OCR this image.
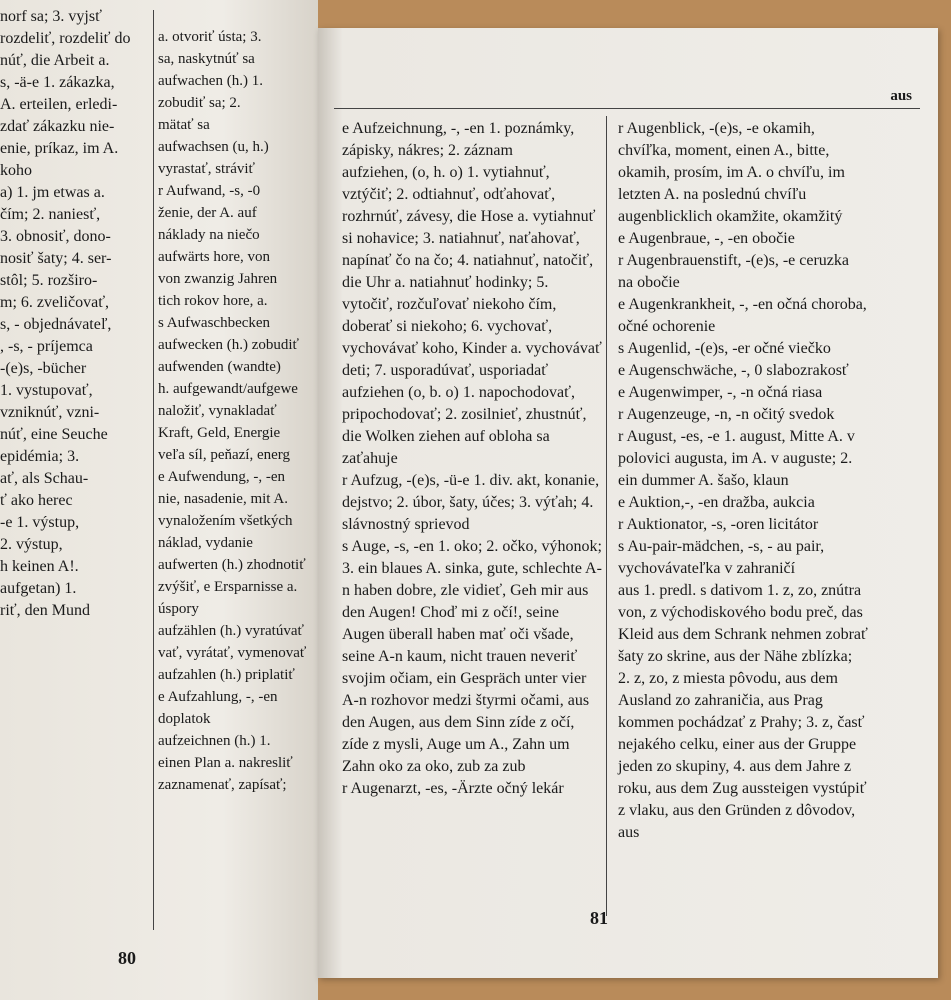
norf sa; 3. vyjsť
rozdeliť, rozdeliť do
núť, die Arbeit a.
s, -ä-e 1. zákazka,
A. erteilen, erledi-
zdať zákazku nie-
enie, príkaz, im A.
koho
a) 1. jm etwas a.
čím; 2. naniesť,
3. obnosiť, dono-
nosiť šaty; 4. ser-
stôl; 5. rozširo-
m; 6. zveličovať,
s, - objednávateľ,
, -s, - príjemca
-(e)s, -bücher
1. vystupovať,
vzniknúť, vzni-
núť, eine Seuche
epidémia; 3.
ať, als Schau-
ť ako herec
-e 1. výstup,
2. výstup,
h keinen A!.
aufgetan) 1.
riť, den Mund
a. otvoriť ústa; 3.
sa, naskytnúť sa
aufwachen (h.) 1.
zobudiť sa; 2.
mätať sa
aufwachsen (u, h.)
vyrastať, stráviť
r Aufwand, -s, -0
ženie, der A. auf
náklady na niečo
aufwärts hore, von
von zwanzig Jahren
tich rokov hore, a.
s Aufwaschbecken
aufwecken (h.) zobudiť
aufwenden (wandte)
h. aufgewandt/aufgewe
naložiť, vynakladať
Kraft, Geld, Energie
veľa síl, peňazí, energ
e Aufwendung, -, -en
nie, nasadenie, mit A.
vynaložením všetkých
náklad, vydanie
aufwerten (h.) zhodnotiť
zvýšiť, e Ersparnisse a.
úspory
aufzählen (h.) vyratúvať
vať, vyrátať, vymenovať
aufzahlen (h.) priplatiť
e Aufzahlung, -, -en
doplatok
aufzeichnen (h.) 1.
einen Plan a. nakresliť
zaznamenať, zapísať;
80
aus
e Aufzeichnung, -, -en 1. poznámky, zápisky, nákres; 2. záznam
aufziehen, (o, h. o) 1. vytiahnuť, vztýčiť; 2. odtiahnuť, odťahovať, rozhrnúť, závesy, die Hose a. vytiahnuť si nohavice; 3. natiahnuť, naťahovať, napínať čo na čo; 4. natiahnuť, natočiť, die Uhr a. natiahnuť hodinky; 5. vytočiť, rozčuľovať niekoho čím, doberať si niekoho; 6. vychovať, vychovávať koho, Kinder a. vychovávať deti; 7. usporadúvať, usporiadať
aufziehen (o, b. o) 1. napochodovať, pripochodovať; 2. zosilnieť, zhustnúť, die Wolken ziehen auf obloha sa zaťahuje
r Aufzug, -(e)s, -ü-e 1. div. akt, konanie, dejstvo; 2. úbor, šaty, účes; 3. výťah; 4. slávnostný sprievod
s Auge, -s, -en 1. oko; 2. očko, výhonok; 3. ein blaues A. sinka, gute, schlechte A-n haben dobre, zle vidieť, Geh mir aus den Augen! Choď mi z očí!, seine Augen überall haben mať oči všade, seine A-n kaum, nicht trauen neveriť svojim očiam, ein Gespräch unter vier A-n rozhovor medzi štyrmi očami, aus den Augen, aus dem Sinn zíde z očí, zíde z mysli, Auge um A., Zahn um Zahn oko za oko, zub za zub
r Augenarzt, -es, -Ärzte očný lekár
r Augenblick, -(e)s, -e okamih, chvíľka, moment, einen A., bitte, okamih, prosím, im A. o chvíľu, im letzten A. na poslednú chvíľu
augenblicklich okamžite, okamžitý
e Augenbraue, -, -en obočie
r Augenbrauenstift, -(e)s, -e ceruzka na obočie
e Augenkrankheit, -, -en očná choroba, očné ochorenie
s Augenlid, -(e)s, -er očné viečko
e Augenschwäche, -, 0 slabozrakosť
e Augenwimper, -, -n očná riasa
r Augenzeuge, -n, -n očitý svedok
r August, -es, -e 1. august, Mitte A. v polovici augusta, im A. v auguste; 2. ein dummer A. šašo, klaun
e Auktion,-, -en dražba, aukcia
r Auktionator, -s, -oren licitátor
s Au-pair-mädchen, -s, - au pair, vychovávateľka v zahraničí
aus 1. predl. s dativom 1. z, zo, znútra von, z východiskového bodu preč, das Kleid aus dem Schrank nehmen zobrať šaty zo skrine, aus der Nähe zblízka; 2. z, zo, z miesta pôvodu, aus dem Ausland zo zahraničia, aus Prag kommen pochádzať z Prahy; 3. z, časť nejakého celku, einer aus der Gruppe jeden zo skupiny, 4. aus dem Jahre z roku, aus dem Zug aussteigen vystúpiť z vlaku, aus den Gründen z dôvodov, aus
81
